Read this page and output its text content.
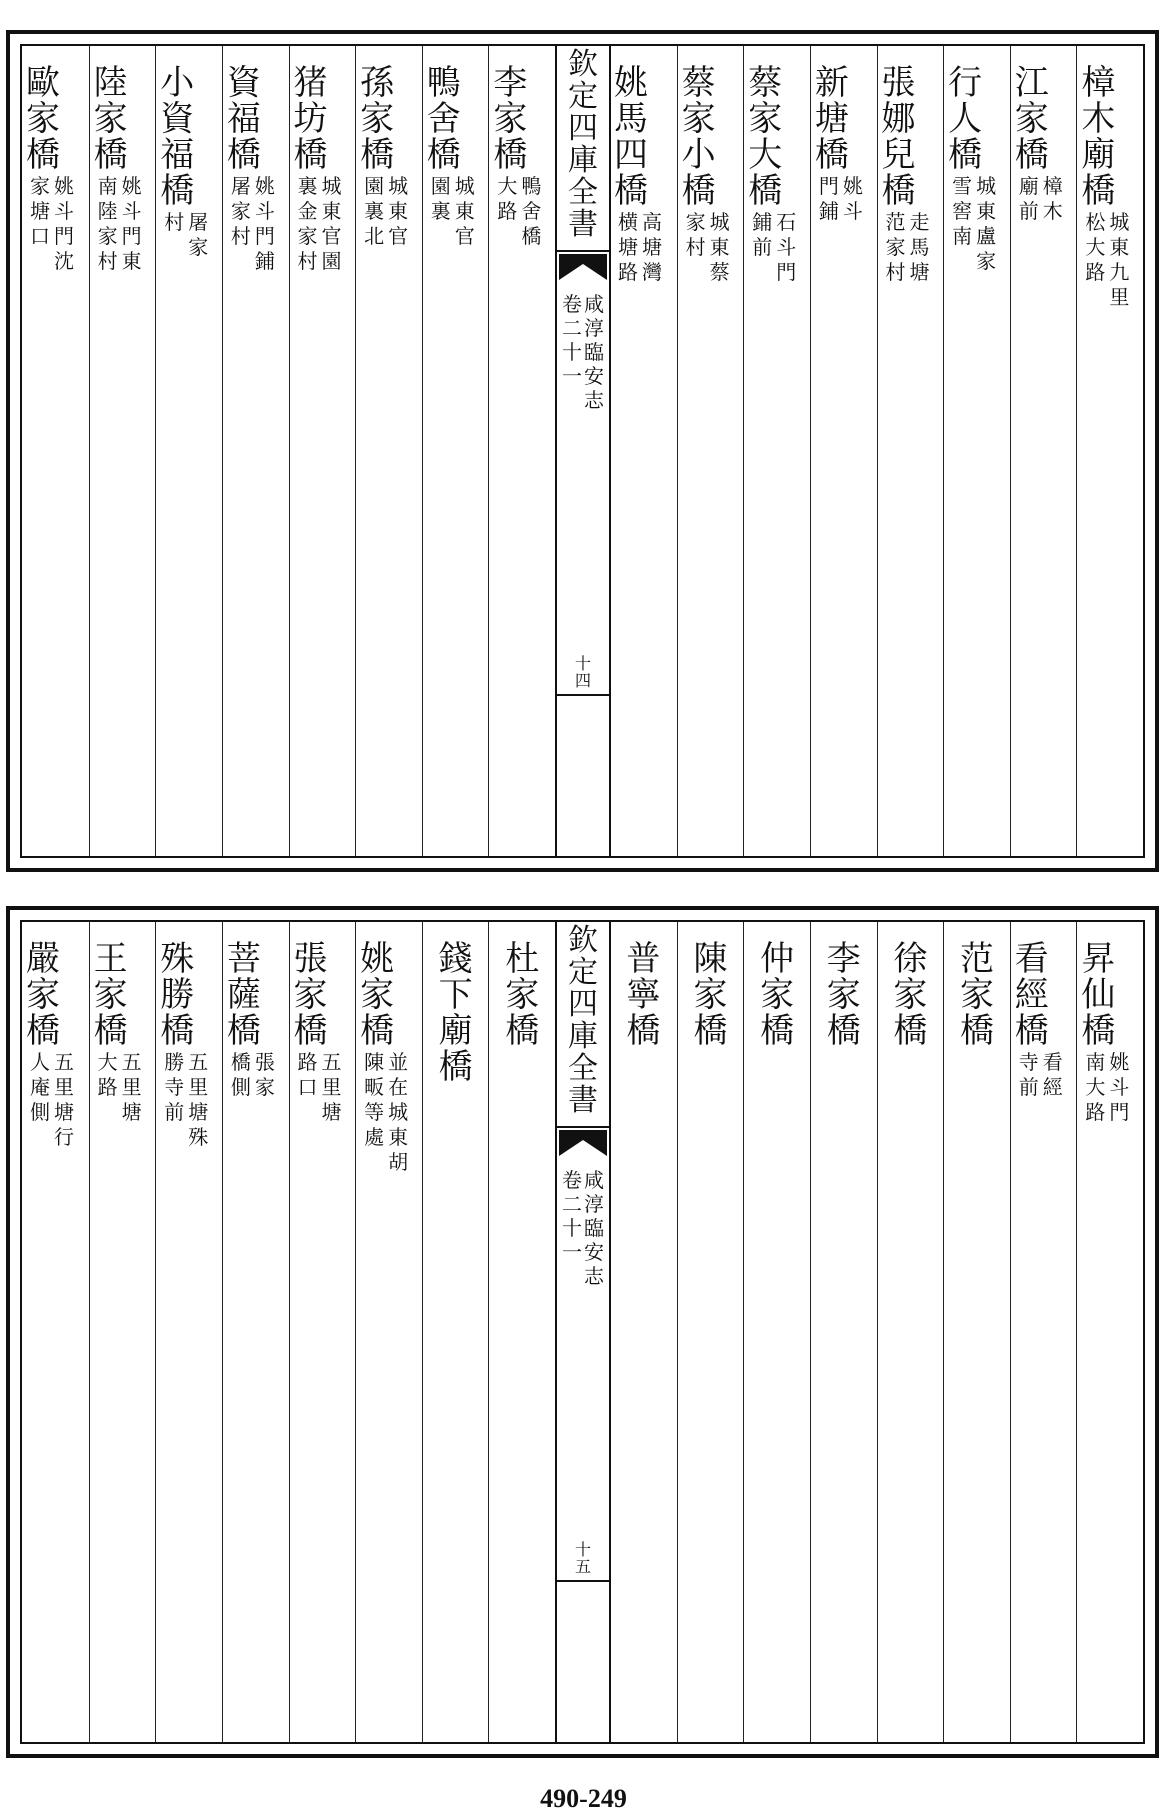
樟
木
廟
橋
城
東
九
里
松
大
路
江
家
橋
樟
木
廟
前
行
人
橋
城
東
盧
家
雪
窖
南
張
娜
兒
橋
走
馬
塘
范
家
村
新
塘
橋
姚
斗
門
鋪
蔡
家
大
橋
石
斗
門
鋪
前
蔡
家
小
橋
城
東
蔡
家
村
姚
馬
四
橋
高
塘
灣
横
塘
路
李
家
橋
鴨
舍
橋
大
路
鴨
舍
橋
城
東
官
園
裏
孫
家
橋
城
東
官
園
裏
北
猪
坊
橋
城
東
官
園
裏
金
家
村
資
福
橋
姚
斗
門
鋪
屠
家
村
小
資
福
橋
屠
家
村
陸
家
橋
姚
斗
門
東
南
陸
家
村
歐
家
橋
姚
斗
門
沈
家
塘
口
欽
定
四
庫
全
書
咸
淳
臨
安
志
卷
二
十
一
十
四
昇
仙
橋
姚
斗
門
南
大
路
看
經
橋
看
經
寺
前
范
家
橋
徐
家
橋
李
家
橋
仲
家
橋
陳
家
橋
普
寧
橋
杜
家
橋
錢
下
廟
橋
姚
家
橋
並
在
城
東
胡
陳
畈
等
處
張
家
橋
五
里
塘
路
口
菩
薩
橋
張
家
橋
側
殊
勝
橋
五
里
塘
殊
勝
寺
前
王
家
橋
五
里
塘
大
路
嚴
家
橋
五
里
塘
行
人
庵
側
欽
定
四
庫
全
書
咸
淳
臨
安
志
卷
二
十
一
十
五
490-249
